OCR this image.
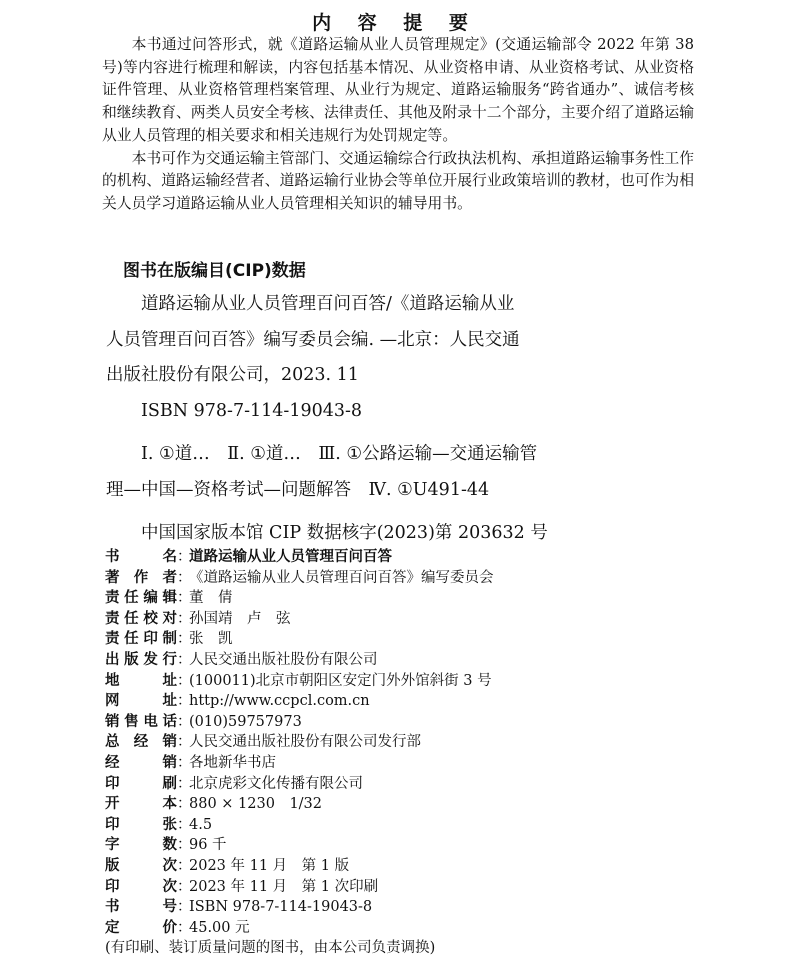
内 容 提 要

本书通过问答形式，就《道路运输从业人员管理规定》(交通运输部令 2022 年第 38 号)等内容进行梳理和解读，内容包括基本情况、从业资格申请、从业资格考试、从业资格证件管理、从业资格管理档案管理、从业行为规定、道路运输服务“跨省通办”、诚信考核和继续教育、两类人员安全考核、法律责任、其他及附录十二个部分，主要介绍了道路运输从业人员管理的相关要求和相关违规行为处罚规定等。

本书可作为交通运输主管部门、交通运输综合行政执法机构、承担道路运输事务性工作的机构、道路运输经营者、道路运输行业协会等单位开展行业政策培训的教材，也可作为相关人员学习道路运输从业人员管理相关知识的辅导用书。

图书在版编目(CIP)数据
道路运输从业人员管理百问百答/《道路运输从业
人员管理百问百答》编写委员会编. —北京：人民交通
出版社股份有限公司，2023. 11
ISBN 978-7-114-19043-8
Ⅰ. ①道…　Ⅱ. ①道…　Ⅲ. ①公路运输—交通运输管
理—中国—资格考试—问题解答　Ⅳ. ①U491-44
中国国家版本馆 CIP 数据核字(2023)第 203632 号
书名 ：
道路运输从业人员管理百问百答
著作者 ：
《道路运输从业人员管理百问百答》编写委员会
责任编辑 ：
董　倩
责任校对 ：
孙国靖　卢　弦
责任印制 ：
张　凯
出版发行 ：
人民交通出版社股份有限公司
地址 ：
(100011)北京市朝阳区安定门外外馆斜街 3 号
网址 ：
http://www.ccpcl.com.cn
销售电话 ：
(010)59757973
总经销 ：
人民交通出版社股份有限公司发行部
经销 ：
各地新华书店
印刷 ：
北京虎彩文化传播有限公司
开本 ：
880 × 1230　1/32
印张 ：
4.5
字数 ：
96 千
版次 ：
2023 年 11 月　第 1 版
印次 ：
2023 年 11 月　第 1 次印刷
书号 ：
ISBN 978-7-114-19043-8
定价 ：
45.00 元
(有印刷、装订质量问题的图书，由本公司负责调换)
